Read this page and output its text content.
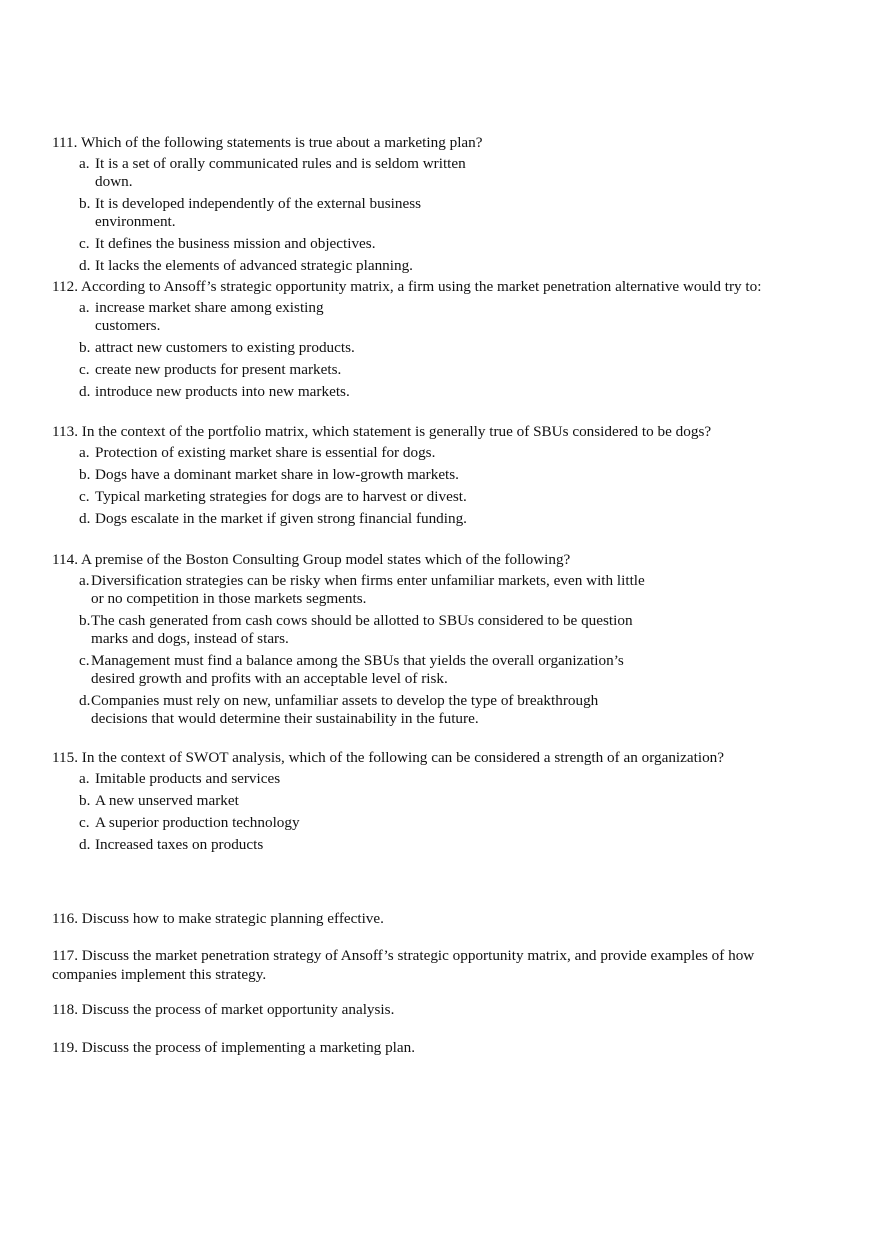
111. Which of the following statements is true about a marketing plan?
a. It is a set of orally communicated rules and is seldom written down.
b. It is developed independently of the external business environment.
c. It defines the business mission and objectives.
d. It lacks the elements of advanced strategic planning.
112. According to Ansoff’s strategic opportunity matrix, a firm using the market penetration alternative would try to:
a. increase market share among existing customers.
b. attract new customers to existing products.
c. create new products for present markets.
d. introduce new products into new markets.
113. In the context of the portfolio matrix, which statement is generally true of SBUs considered to be dogs?
a. Protection of existing market share is essential for dogs.
b. Dogs have a dominant market share in low-growth markets.
c. Typical marketing strategies for dogs are to harvest or divest.
d. Dogs escalate in the market if given strong financial funding.
114. A premise of the Boston Consulting Group model states which of the following?
a. Diversification strategies can be risky when firms enter unfamiliar markets, even with little or no competition in those markets segments.
b. The cash generated from cash cows should be allotted to SBUs considered to be question marks and dogs, instead of stars.
c. Management must find a balance among the SBUs that yields the overall organization’s desired growth and profits with an acceptable level of risk.
d. Companies must rely on new, unfamiliar assets to develop the type of breakthrough decisions that would determine their sustainability in the future.
115. In the context of SWOT analysis, which of the following can be considered a strength of an organization?
a. Imitable products and services
b. A new unserved market
c. A superior production technology
d. Increased taxes on products
116. Discuss how to make strategic planning effective.
117. Discuss the market penetration strategy of Ansoff’s strategic opportunity matrix, and provide examples of how companies implement this strategy.
118. Discuss the process of market opportunity analysis.
119. Discuss the process of implementing a marketing plan.
